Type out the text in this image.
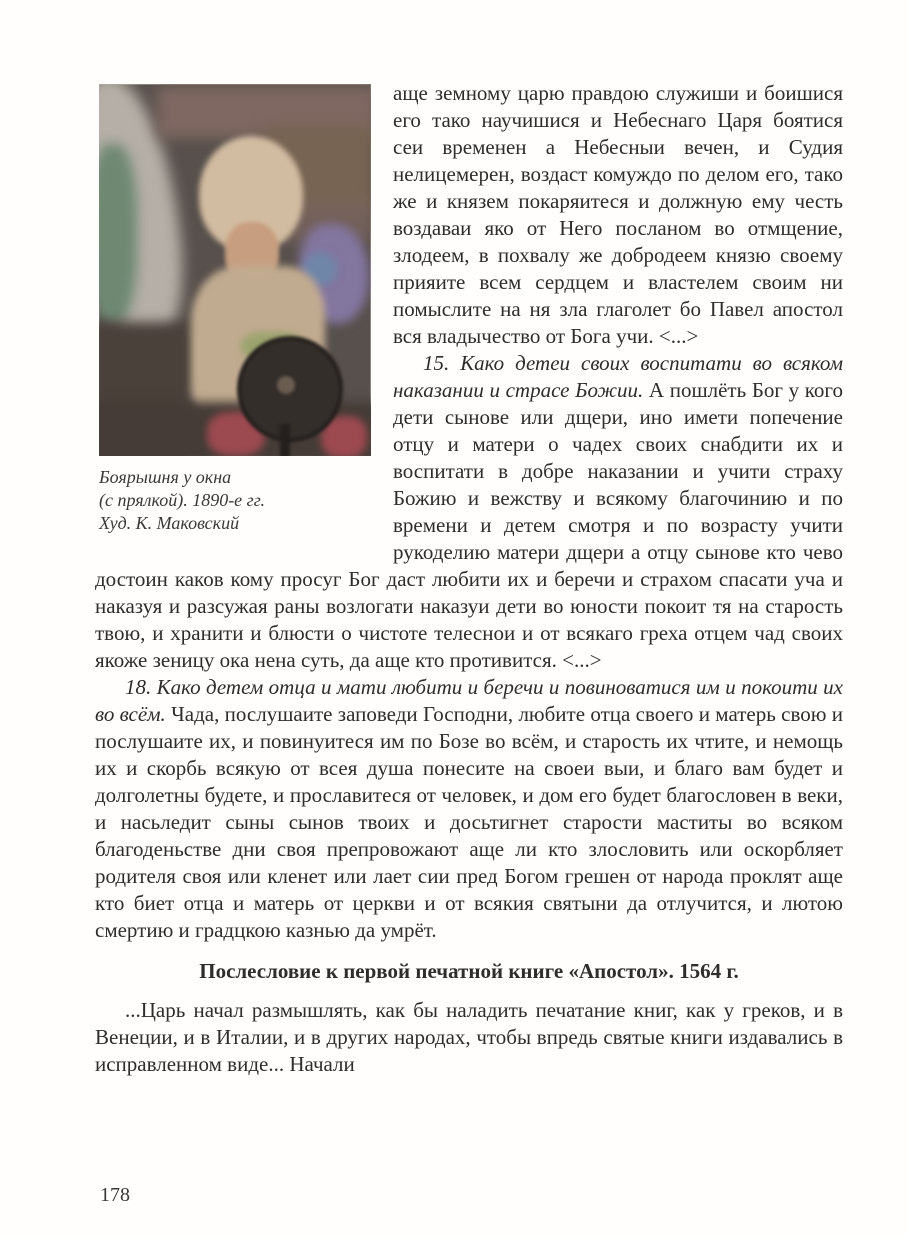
Боярышня у окна
(с прялкой). 1890-е гг.
Худ. К. Маковский

аще земному царю правдою служиши и боишися его тако научишися и Небеснаго Царя боятися сеи временен а Небесныи вечен, и Судия нелицемерен, воздаст комуждо по делом его, тако же и князем покаряитеся и должную ему честь воздаваи яко от Него посланом во отмщение, злодеем, в похвалу же добродеем князю своему прияите всем сердцем и властелем своим ни помыслите на ня зла глаголет бо Павел апостол вся владычество от Бога учи. <...>

15. Како детеи своих воспитати во всяком наказании и страсе Божии. А пошлёть Бог у кого дети сынове или дщери, ино имети попечение отцу и матери о чадех своих снабдити их и воспитати в добре наказании и учити страху Божию и вежству и всякому благочинию и по времени и детем смотря и по возрасту учити рукоделию матери дщери а отцу сынове кто чево достоин каков кому просуг Бог даст любити их и беречи и страхом спасати уча и наказуя и разсужая раны возлогати наказуи дети во юности покоит тя на старость твою, и хранити и блюсти о чистоте телеснои и от всякаго греха отцем чад своих якоже зеницу ока нена суть, да аще кто противится. <...>

18. Како детем отца и мати любити и беречи и повиноватися им и покоити их во всём. Чада, послушаите заповеди Господни, любите отца своего и матерь свою и послушаите их, и повинуитеся им по Бозе во всём, и старость их чтите, и немощь их и скорбь всякую от всея душа понесите на своеи выи, и благо вам будет и долголетны будете, и прославитеся от человек, и дом его будет благословен в веки, и насьледит сыны сынов твоих и досьтигнет старости маститы во всяком благоденьстве дни своя препровожают аще ли кто злословить или оскорбляет родителя своя или кленет или лает сии пред Богом грешен от народа проклят аще кто биет отца и матерь от церкви и от всякия святыни да отлучится, и лютою смертию и градцкою казнью да умрёт.

Послесловие к первой печатной книге «Апостол». 1564 г.

...Царь начал размышлять, как бы наладить печатание книг, как у греков, и в Венеции, и в Италии, и в других народах, чтобы впредь святые книги издавались в исправленном виде... Начали

178
